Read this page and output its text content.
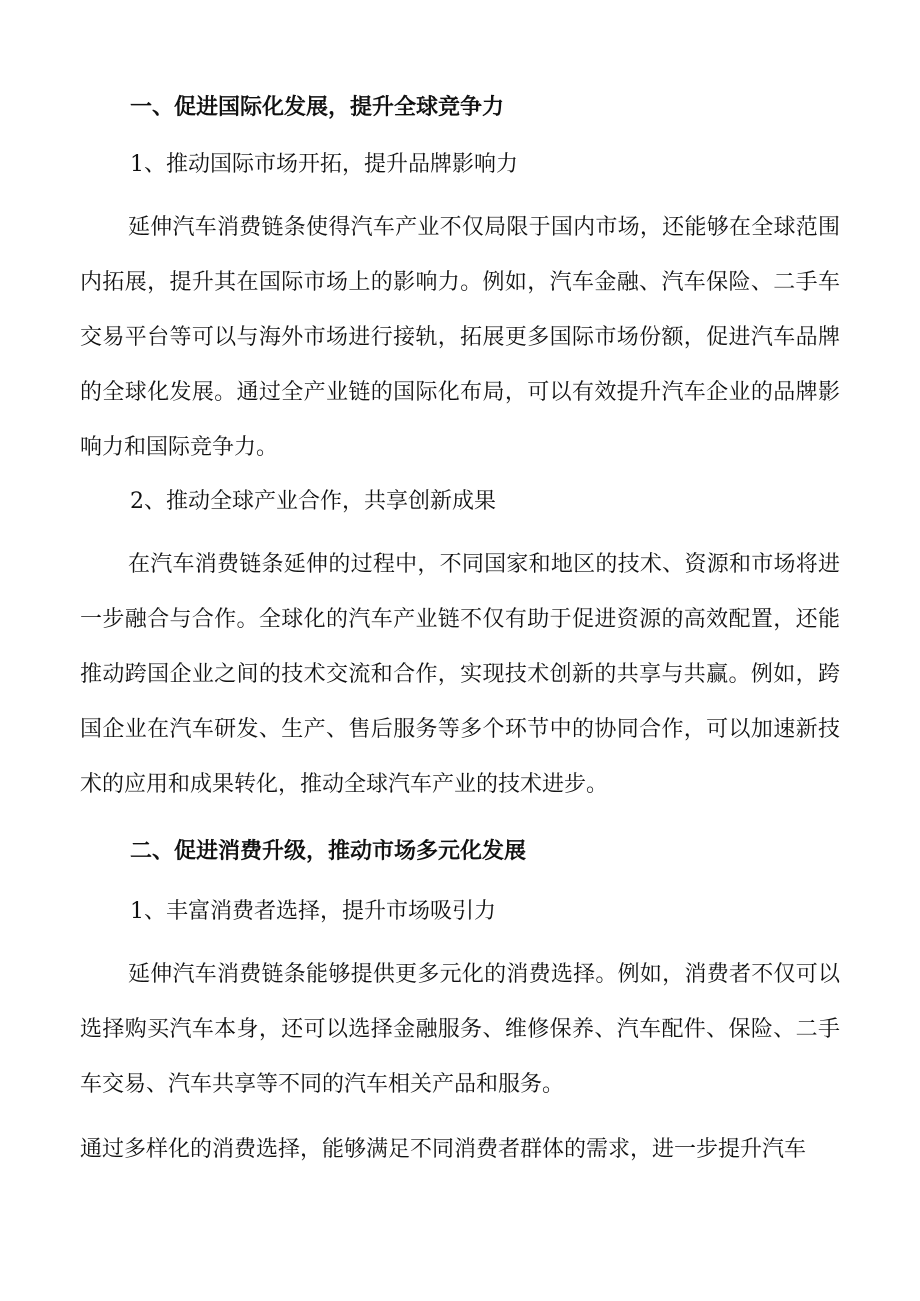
一、促进国际化发展，提升全球竞争力
1、推动国际市场开拓，提升品牌影响力

延伸汽车消费链条使得汽车产业不仅局限于国内市场，还能够在全球范围内拓展，提升其在国际市场上的影响力。例如，汽车金融、汽车保险、二手车交易平台等可以与海外市场进行接轨，拓展更多国际市场份额，促进汽车品牌的全球化发展。通过全产业链的国际化布局，可以有效提升汽车企业的品牌影响力和国际竞争力。

2、推动全球产业合作，共享创新成果

在汽车消费链条延伸的过程中，不同国家和地区的技术、资源和市场将进一步融合与合作。全球化的汽车产业链不仅有助于促进资源的高效配置，还能推动跨国企业之间的技术交流和合作，实现技术创新的共享与共赢。例如，跨国企业在汽车研发、生产、售后服务等多个环节中的协同合作，可以加速新技术的应用和成果转化，推动全球汽车产业的技术进步。

二、促进消费升级，推动市场多元化发展
1、丰富消费者选择，提升市场吸引力

延伸汽车消费链条能够提供更多元化的消费选择。例如，消费者不仅可以选择购买汽车本身，还可以选择金融服务、维修保养、汽车配件、保险、二手车交易、汽车共享等不同的汽车相关产品和服务。

通过多样化的消费选择，能够满足不同消费者群体的需求，进一步提升汽车
